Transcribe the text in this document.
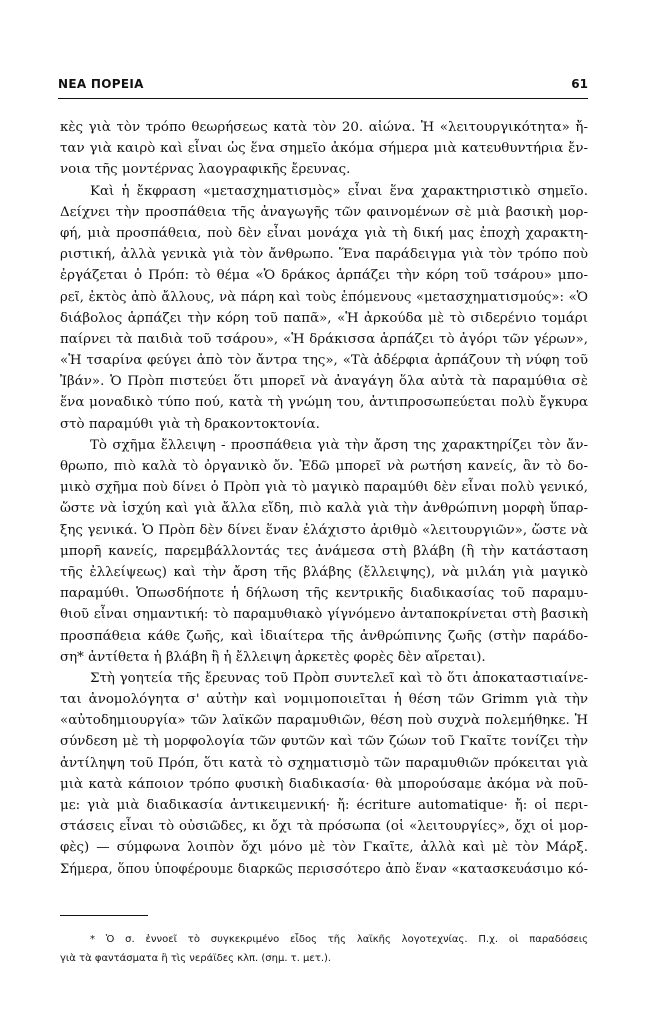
ΝΕΑ ΠΟΡΕΙΑ	61
κὲς γιὰ τὸν τρόπο θεωρήσεως κατὰ τὸν 20. αἰώνα. Ἡ «λειτουργικότητα» ἤ-
ταν γιὰ καιρὸ καὶ εἶναι ὡς ἕνα σημεῖο ἀκόμα σήμερα μιὰ κατευθυντήρια ἔν-
νοια τῆς μοντέρνας λαογραφικῆς ἔρευνας.
Καὶ ἡ ἔκφραση «μετασχηματισμὸς» εἶναι ἕνα χαρακτηριστικὸ σημεῖο.
Δείχνει τὴν προσπάθεια τῆς ἀναγωγῆς τῶν φαινομένων σὲ μιὰ βασικὴ μορ-
φή, μιὰ προσπάθεια, ποὺ δὲν εἶναι μονάχα γιὰ τὴ δική μας ἐποχὴ χαρακτη-
ριστική, ἀλλὰ γενικὰ γιὰ τὸν ἄνθρωπο. Ἕνα παράδειγμα γιὰ τὸν τρόπο ποὺ
ἐργάζεται ὁ Πρόπ: τὸ θέμα «Ὁ δράκος ἁρπάζει τὴν κόρη τοῦ τσάρου» μπο-
ρεῖ, ἐκτὸς ἀπὸ ἄλλους, νὰ πάρη καὶ τοὺς ἑπόμενους «μετασχηματισμούς»: «Ὁ
διάβολος ἁρπάζει τὴν κόρη τοῦ παπᾶ», «Ἡ ἀρκούδα μὲ τὸ σιδερένιο τομάρι
παίρνει τὰ παιδιὰ τοῦ τσάρου», «Ἡ δράκισσα ἁρπάζει τὸ ἀγόρι τῶν γέρων»,
«Ἡ τσαρίνα φεύγει ἀπὸ τὸν ἄντρα της», «Τὰ ἀδέρφια ἁρπάζουν τὴ νύφη τοῦ
Ἰβάν». Ὁ Πρὸπ πιστεύει ὅτι μπορεῖ νὰ ἀναγάγη ὅλα αὐτὰ τὰ παραμύθια σὲ
ἕνα μοναδικὸ τύπο πού, κατὰ τὴ γνώμη του, ἀντιπροσωπεύεται πολὺ ἔγκυρα
στὸ παραμύθι γιὰ τὴ δρακοντοκτονία.
Τὸ σχῆμα ἔλλειψη - προσπάθεια γιὰ τὴν ἄρση της χαρακτηρίζει τὸν ἄν-
θρωπο, πιὸ καλὰ τὸ ὀργανικὸ ὄν. Ἐδῶ μπορεῖ νὰ ρωτήση κανείς, ἂν τὸ δο-
μικὸ σχῆμα ποὺ δίνει ὁ Πρὸπ γιὰ τὸ μαγικὸ παραμύθι δὲν εἶναι πολὺ γενικό,
ὥστε νὰ ἰσχύη καὶ γιὰ ἄλλα εἴδη, πιὸ καλὰ γιὰ τὴν ἀνθρώπινη μορφὴ ὕπαρ-
ξης γενικά. Ὁ Πρὸπ δὲν δίνει ἕναν ἐλάχιστο ἀριθμὸ «λειτουργιῶν», ὥστε νὰ
μπορῆ κανείς, παρεμβάλλοντάς τες ἀνάμεσα στὴ βλάβη (ἢ τὴν κατάσταση
τῆς ἐλλείψεως) καὶ τὴν ἄρση τῆς βλάβης (ἔλλειψης), νὰ μιλάη γιὰ μαγικὸ
παραμύθι. Ὁπωσδήποτε ἡ δήλωση τῆς κεντρικῆς διαδικασίας τοῦ παραμυ-
θιοῦ εἶναι σημαντική: τὸ παραμυθιακὸ γίγνόμενο ἀνταποκρίνεται στὴ βασικὴ
προσπάθεια κάθε ζωῆς, καὶ ἰδιαίτερα τῆς ἀνθρώπινης ζωῆς (στὴν παράδο-
ση* ἀντίθετα ἡ βλάβη ἢ ἡ ἔλλειψη ἀρκετὲς φορὲς δὲν αἴρεται).
Στὴ γοητεία τῆς ἔρευνας τοῦ Πρὸπ συντελεῖ καὶ τὸ ὅτι ἀποκαταστιαίνε-
ται ἀνομολόγητα σ' αὐτὴν καὶ νομιμοποιεῖται ἡ θέση τῶν Grimm γιὰ τὴν
«αὐτοδημιουργία» τῶν λαϊκῶν παραμυθιῶν, θέση ποὺ συχνὰ πολεμήθηκε. Ἡ
σύνδεση μὲ τὴ μορφολογία τῶν φυτῶν καὶ τῶν ζώων τοῦ Γκαῖτε τονίζει τὴν
ἀντίληψη τοῦ Πρόπ, ὅτι κατὰ τὸ σχηματισμὸ τῶν παραμυθιῶν πρόκειται γιὰ
μιὰ κατὰ κάποιον τρόπο φυσικὴ διαδικασία· θὰ μπορούσαμε ἀκόμα νὰ ποῦ-
με: γιὰ μιὰ διαδικασία ἀντικειμενική· ἤ: écriture automatique· ἤ: οἱ περι-
στάσεις εἶναι τὸ οὐσιῶδες, κι ὄχι τὰ πρόσωπα (οἱ «λειτουργίες», ὄχι οἱ μορ-
φὲς) — σύμφωνα λοιπὸν ὄχι μόνο μὲ τὸν Γκαῖτε, ἀλλὰ καὶ μὲ τὸν Μάρξ.
Σήμερα, ὅπου ὑποφέρουμε διαρκῶς περισσότερο ἀπὸ ἕναν «κατασκευάσιμο κό-
* Ὁ σ. ἐννοεῖ τὸ συγκεκριμένο εἶδος τῆς λαϊκῆς λογοτεχνίας. Π.χ. οἱ παραδόσεις
γιὰ τὰ φαντάσματα ἢ τὶς νεράϊδες κλπ. (σημ. τ. μετ.).
